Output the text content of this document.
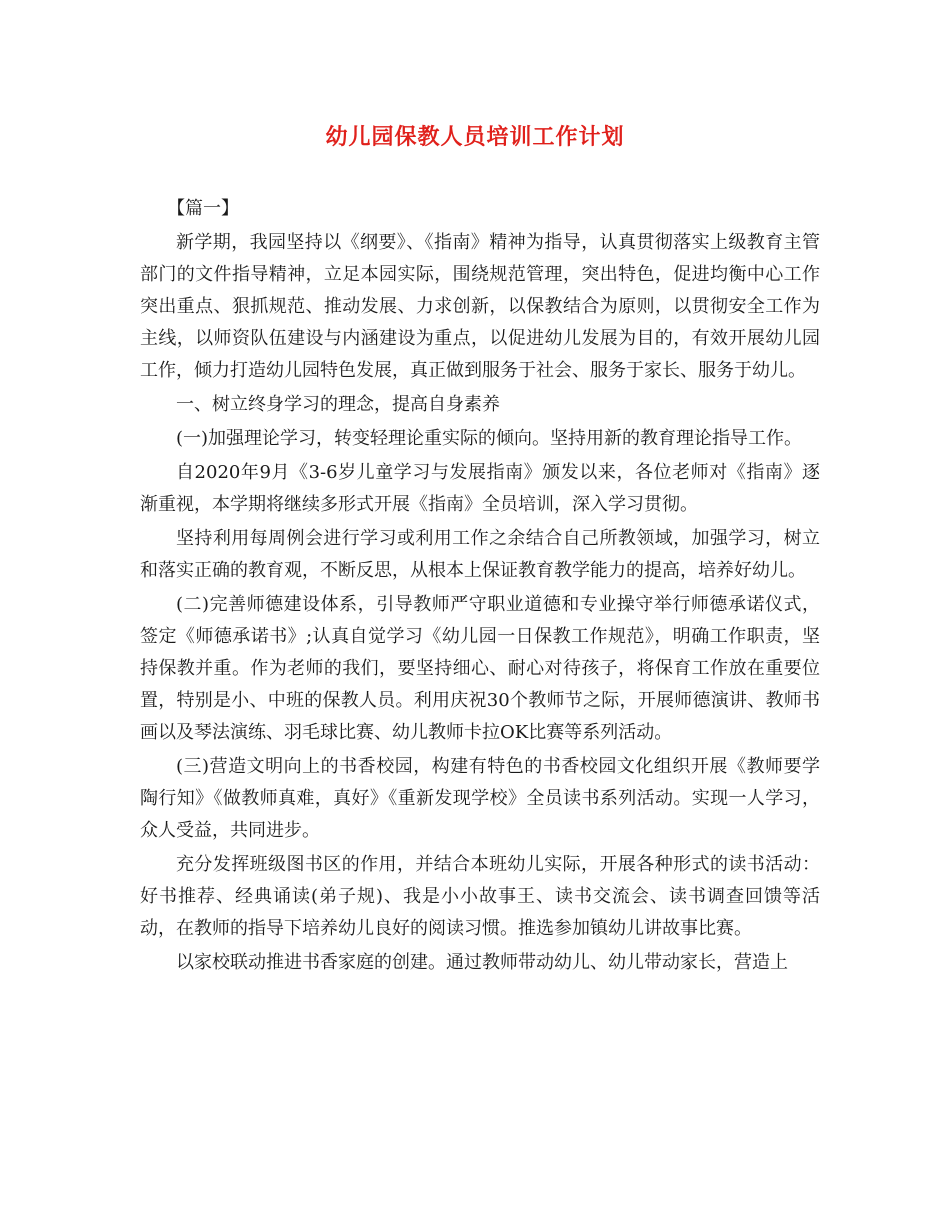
幼儿园保教人员培训工作计划

【篇一】

新学期，我园坚持以《纲要》、《指南》精神为指导，认真贯彻落实上级教育主管部门的文件指导精神，立足本园实际，围绕规范管理，突出特色，促进均衡中心工作突出重点、狠抓规范、推动发展、力求创新，以保教结合为原则，以贯彻安全工作为主线，以师资队伍建设与内涵建设为重点，以促进幼儿发展为目的，有效开展幼儿园工作，倾力打造幼儿园特色发展，真正做到服务于社会、服务于家长、服务于幼儿。

一、树立终身学习的理念，提高自身素养

(一)加强理论学习，转变轻理论重实际的倾向。坚持用新的教育理论指导工作。

自2020年9月《3-6岁儿童学习与发展指南》颁发以来，各位老师对《指南》逐渐重视，本学期将继续多形式开展《指南》全员培训，深入学习贯彻。

坚持利用每周例会进行学习或利用工作之余结合自己所教领域，加强学习，树立和落实正确的教育观，不断反思，从根本上保证教育教学能力的提高，培养好幼儿。

(二)完善师德建设体系，引导教师严守职业道德和专业操守举行师德承诺仪式，签定《师德承诺书》;认真自觉学习《幼儿园一日保教工作规范》，明确工作职责，坚持保教并重。作为老师的我们，要坚持细心、耐心对待孩子，将保育工作放在重要位置，特别是小、中班的保教人员。利用庆祝30个教师节之际，开展师德演讲、教师书画以及琴法演练、羽毛球比赛、幼儿教师卡拉OK比赛等系列活动。

(三)营造文明向上的书香校园，构建有特色的书香校园文化组织开展《教师要学陶行知》《做教师真难，真好》《重新发现学校》全员读书系列活动。实现一人学习，众人受益，共同进步。

充分发挥班级图书区的作用，并结合本班幼儿实际，开展各种形式的读书活动：好书推荐、经典诵读(弟子规)、我是小小故事王、读书交流会、读书调查回馈等活动，在教师的指导下培养幼儿良好的阅读习惯。推选参加镇幼儿讲故事比赛。

以家校联动推进书香家庭的创建。通过教师带动幼儿、幼儿带动家长，营造上
